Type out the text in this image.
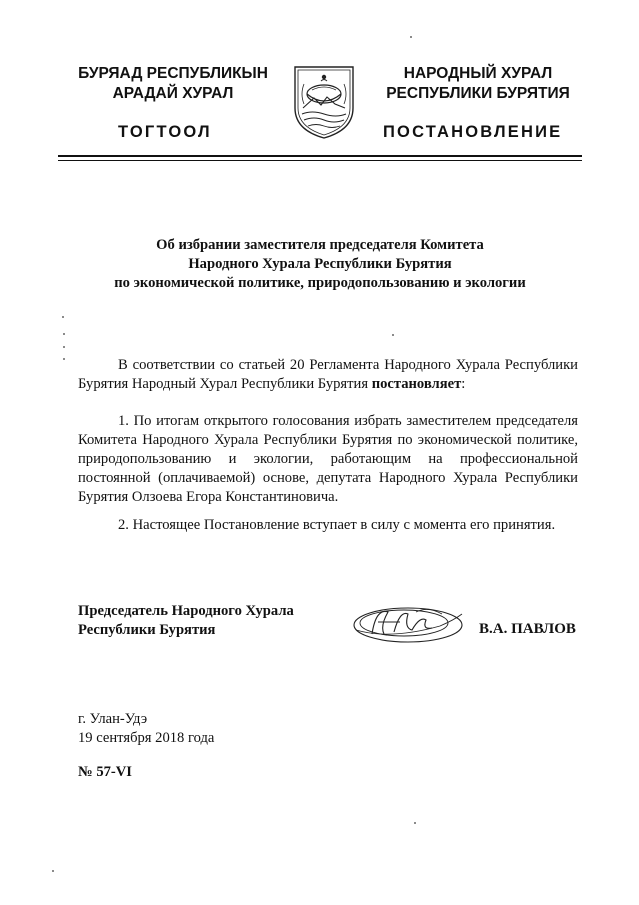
БУРЯАД РЕСПУБЛИКЫН
АРАДАЙ ХУРАЛ
ТОГТООЛ
НАРОДНЫЙ ХУРАЛ
РЕСПУБЛИКИ БУРЯТИЯ
ПОСТАНОВЛЕНИЕ
Об избрании заместителя председателя Комитета
Народного Хурала Республики Бурятия
по экономической политике, природопользованию и экологии
В соответствии со статьей 20 Регламента Народного Хурала Республики Бурятия Народный Хурал Республики Бурятия постановляет:
1. По итогам открытого голосования избрать заместителем председателя Комитета Народного Хурала Республики Бурятия по экономической политике, природопользованию и экологии, работающим на профессиональной постоянной (оплачиваемой) основе, депутата Народного Хурала Республики Бурятия Олзоева Егора Константиновича.
2. Настоящее Постановление вступает в силу с момента его принятия.
Председатель Народного Хурала
Республики Бурятия	В.А. ПАВЛОВ
г. Улан-Удэ
19 сентября 2018 года
№ 57-VI
